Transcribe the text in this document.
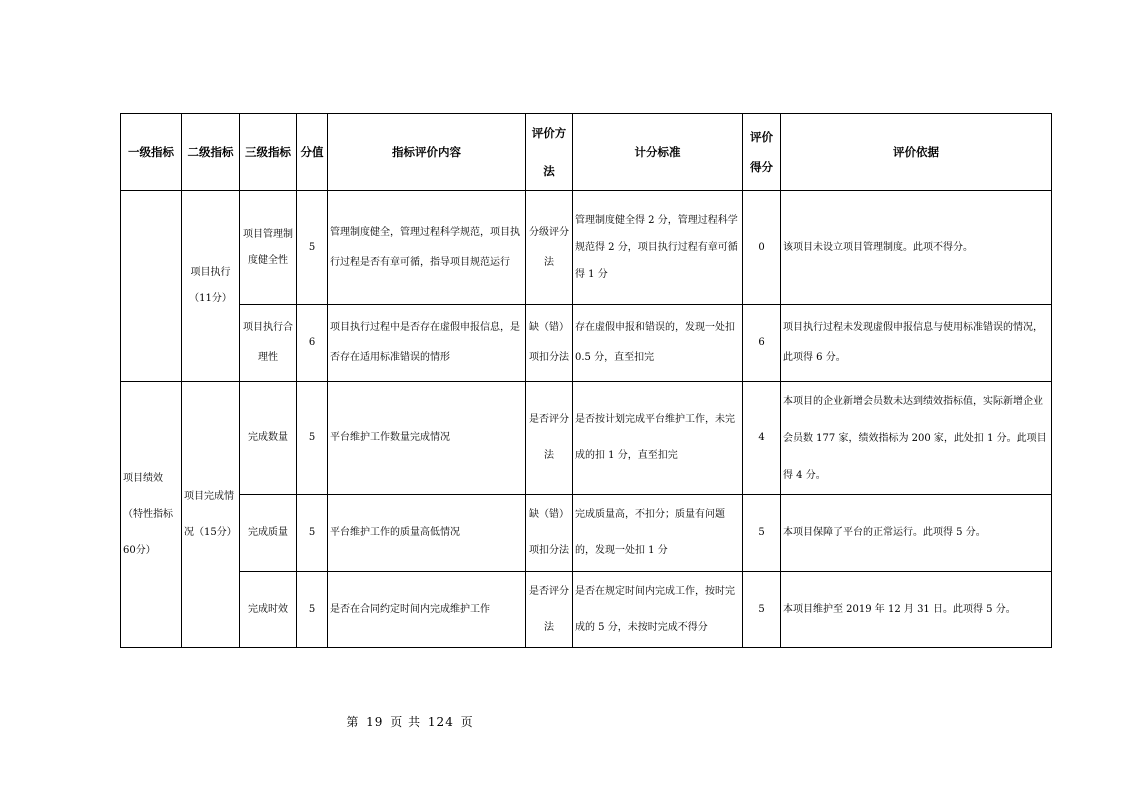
一级指标	二级指标	三级指标	分值	指标评价内容	评价方法	计分标准	评价得分	评价依据
	项目执行（11分）	项目管理制度健全性	5	管理制度健全，管理过程科学规范，项目执行过程是否有章可循，指导项目规范运行	分级评分法	管理制度健全得 2 分，管理过程科学规范得 2 分，项目执行过程有章可循得 1 分	0	该项目未设立项目管理制度。此项不得分。
		项目执行合理性	6	项目执行过程中是否存在虚假申报信息，是否存在适用标准错误的情形	缺（错）项扣分法	存在虚假申报和错误的，发现一处扣 0.5 分，直至扣完	6	项目执行过程未发现虚假申报信息与使用标准错误的情况，此项得 6 分。
项目绩效（特性指标60分）	项目完成情况（15分）	完成数量	5	平台维护工作数量完成情况	是否评分法	是否按计划完成平台维护工作，未完成的扣 1 分，直至扣完	4	本项目的企业新增会员数未达到绩效指标值，实际新增企业会员数 177 家，绩效指标为 200 家，此处扣 1 分。此项目得 4 分。
		完成质量	5	平台维护工作的质量高低情况	缺（错）项扣分法	完成质量高，不扣分；质量有问题的，发现一处扣 1 分	5	本项目保障了平台的正常运行。此项得 5 分。
		完成时效	5	是否在合同约定时间内完成维护工作	是否评分法	是否在规定时间内完成工作，按时完成的 5 分，未按时完成不得分	5	本项目维护至 2019 年 12 月 31 日。此项得 5 分。
第 19 页 共 124 页
